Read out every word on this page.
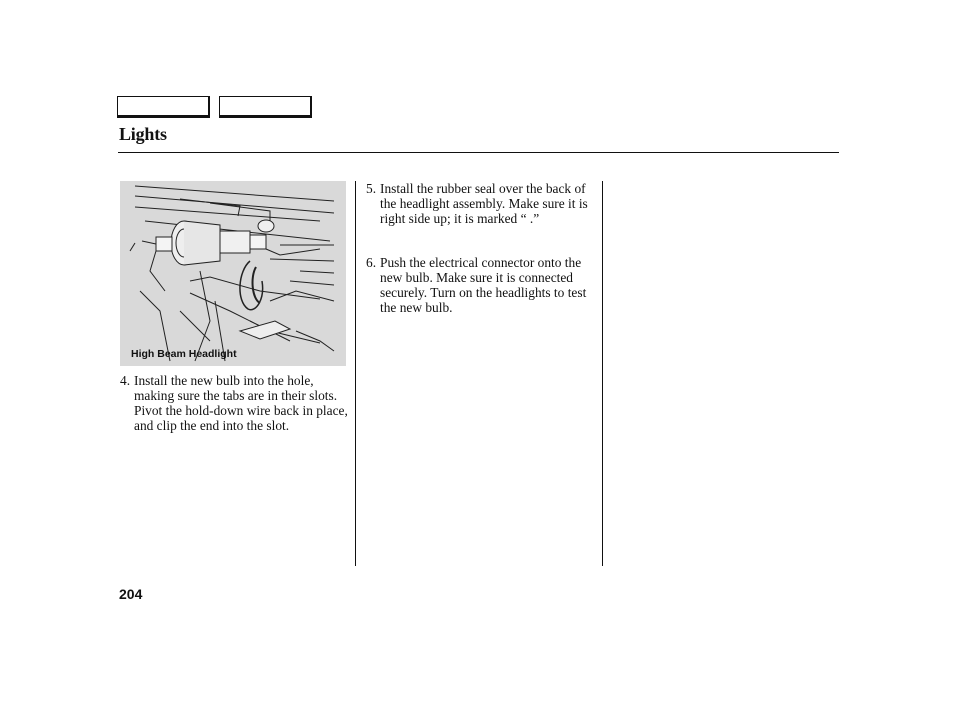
Lights
High Beam Headlight
4. Install the new bulb into the hole, making sure the tabs are in their slots. Pivot the hold-down wire back in place, and clip the end into the slot.
5. Install the rubber seal over the back of the headlight assembly. Make sure it is right side up; it is marked “ .”
6. Push the electrical connector onto the new bulb. Make sure it is connected securely. Turn on the headlights to test the new bulb.
204
